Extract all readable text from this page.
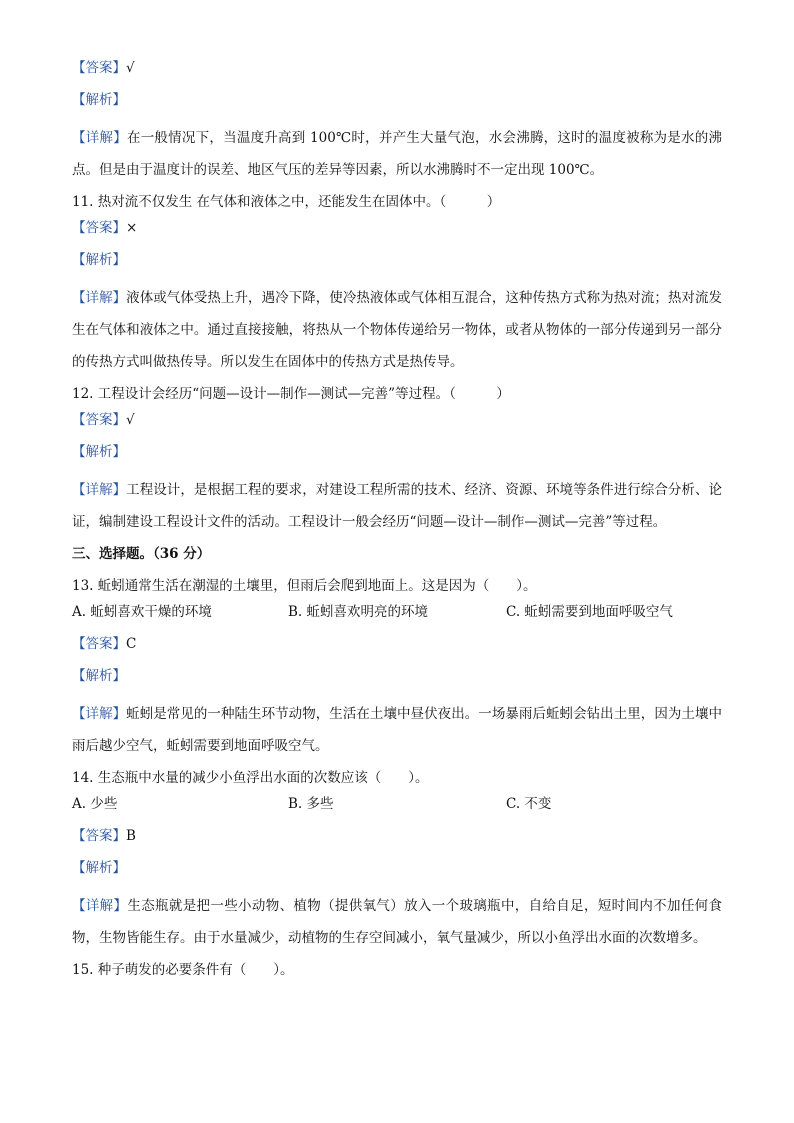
【答案】√

【解析】

【详解】在一般情况下，当温度升高到 100℃时，并产生大量气泡，水会沸腾，这时的温度被称为是水的沸点。但是由于温度计的误差、地区气压的差异等因素，所以水沸腾时不一定出现 100℃。

11. 热对流不仅发生 在气体和液体之中，还能发生在固体中。（　　　）

【答案】×

【解析】

【详解】液体或气体受热上升，遇冷下降，使冷热液体或气体相互混合，这种传热方式称为热对流；热对流发生在气体和液体之中。通过直接接触，将热从一个物体传递给另一物体，或者从物体的一部分传递到另一部分的传热方式叫做热传导。所以发生在固体中的传热方式是热传导。

12. 工程设计会经历“问题—设计—制作—测试—完善”等过程。（　　　）

【答案】√

【解析】

【详解】工程设计，是根据工程的要求，对建设工程所需的技术、经济、资源、环境等条件进行综合分析、论证，编制建设工程设计文件的活动。工程设计一般会经历“问题—设计—制作—测试—完善”等过程。

三、选择题。（36 分）

13. 蚯蚓通常生活在潮湿的土壤里，但雨后会爬到地面上。这是因为（　　）。

A. 蚯蚓喜欢干燥的环境	B. 蚯蚓喜欢明亮的环境	C. 蚯蚓需要到地面呼吸空气

【答案】C

【解析】

【详解】蚯蚓是常见的一种陆生环节动物，生活在土壤中昼伏夜出。一场暴雨后蚯蚓会钻出土里，因为土壤中雨后越少空气，蚯蚓需要到地面呼吸空气。

14. 生态瓶中水量的减少小鱼浮出水面的次数应该（　　）。

A. 少些	B. 多些	C. 不变

【答案】B

【解析】

【详解】生态瓶就是把一些小动物、植物（提供氧气）放入一个玻璃瓶中，自给自足，短时间内不加任何食物，生物皆能生存。由于水量减少，动植物的生存空间减小，氧气量减少，所以小鱼浮出水面的次数增多。

15. 种子萌发的必要条件有（　　）。
